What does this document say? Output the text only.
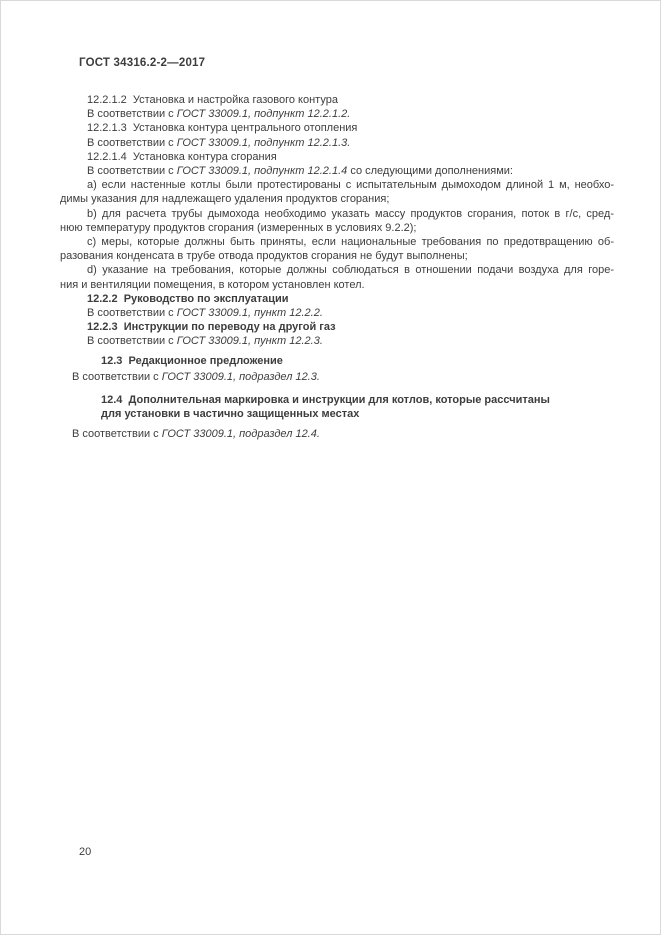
ГОСТ 34316.2-2—2017
12.2.1.2  Установка и настройка газового контура
В соответствии с ГОСТ 33009.1, подпункт 12.2.1.2.
12.2.1.3  Установка контура центрального отопления
В соответствии с ГОСТ 33009.1, подпункт 12.2.1.3.
12.2.1.4  Установка контура сгорания
В соответствии с ГОСТ 33009.1, подпункт 12.2.1.4 со следующими дополнениями:
a) если настенные котлы были протестированы с испытательным дымоходом длиной 1 м, необхо-
димы указания для надлежащего удаления продуктов сгорания;
b) для расчета трубы дымохода необходимо указать массу продуктов сгорания, поток в г/с, сред-
нюю температуру продуктов сгорания (измеренных в условиях 9.2.2);
c) меры, которые должны быть приняты, если национальные требования по предотвращению об-
разования конденсата в трубе отвода продуктов сгорания не будут выполнены;
d) указание на требования, которые должны соблюдаться в отношении подачи воздуха для горе-
ния и вентиляции помещения, в котором установлен котел.
12.2.2  Руководство по эксплуатации
В соответствии с ГОСТ 33009.1, пункт 12.2.2.
12.2.3  Инструкции по переводу на другой газ
В соответствии с ГОСТ 33009.1, пункт 12.2.3.
12.3  Редакционное предложение
В соответствии с ГОСТ 33009.1, подраздел 12.3.
12.4  Дополнительная маркировка и инструкции для котлов, которые рассчитаны
для установки в частично защищенных местах
В соответствии с ГОСТ 33009.1, подраздел 12.4.
20
